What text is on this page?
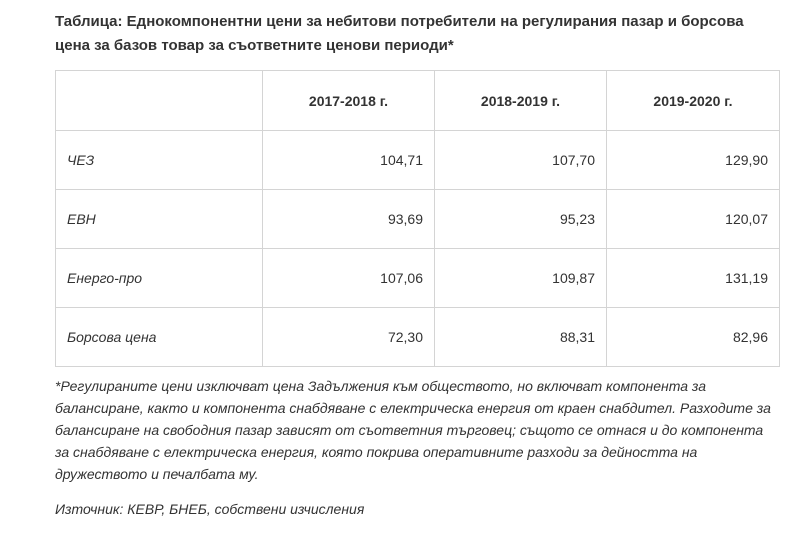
Таблица: Еднокомпонентни цени за небитови потребители на регулирания пазар и борсова цена за базов товар за съответните ценови периоди*

	2017-2018 г.	2018-2019 г.	2019-2020 г.
ЧЕЗ	104,71	107,70	129,90
ЕВН	93,69	95,23	120,07
Енерго-про	107,06	109,87	131,19
Борсова цена	72,30	88,31	82,96

*Регулираните цени изключват цена Задължения към обществото, но включват компонента за балансиране, както и компонента снабдяване с електрическа енергия от краен снабдител. Разходите за балансиране на свободния пазар зависят от съответния търговец; същото се отнася и до компонента за снабдяване с електрическа енергия, която покрива оперативните разходи за дейността на дружеството и печалбата му.

Източник: КЕВР, БНЕБ, собствени изчисления
